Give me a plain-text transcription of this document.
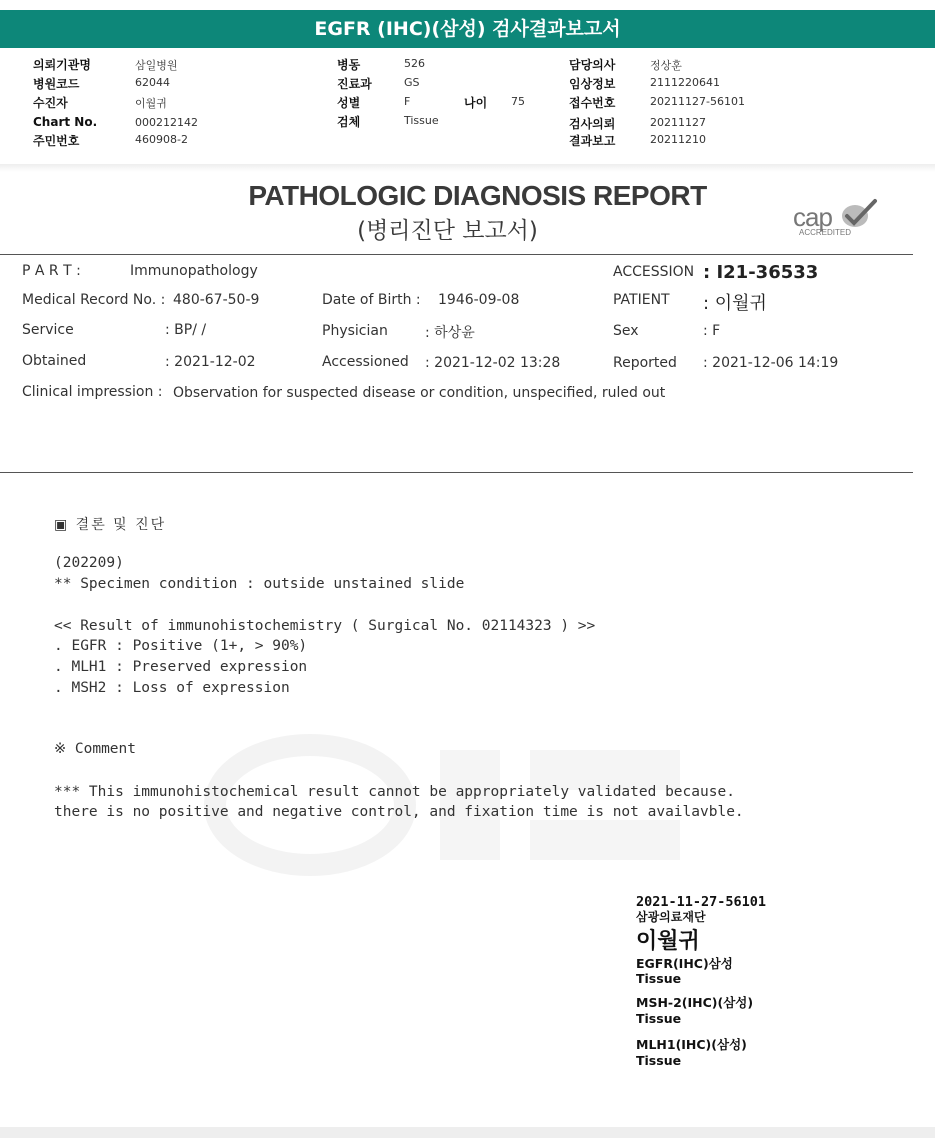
EGFR (IHC)(삼성) 검사결과보고서
의뢰기관명	삼일병원
병원코드	62044
수진자	이월귀
Chart No.	000212142
주민번호	460908-2
병동	526
진료과	GS
성별	F
검체	Tissue
나이 75
담당의사	정상훈
임상정보	2111220641
접수번호	20211127-56101
검사의뢰	20211127
결과보고	20211210
PATHOLOGIC DIAGNOSIS REPORT
(병리진단 보고서)	cap
ACCREDITED
P A R T :	Immunopathology	ACCESSION : I21-36533
Medical Record No. : 480-67-50-9	Date of Birth : 1946-09-08	PATIENT : 이월귀
Service	: BP/ /	Physician	: 하상윤	Sex	: F
Obtained	: 2021-12-02	Accessioned : 2021-12-02 13:28	Reported : 2021-12-06 14:19
Clinical impression : Observation for suspected disease or condition, unspecified, ruled out
▣ 결론 및 진단
(202209)
** Specimen condition : outside unstained slide
<< Result of immunohistochemistry ( Surgical No. 02114323 ) >>
. EGFR : Positive (1+, > 90%)
. MLH1 : Preserved expression
. MSH2 : Loss of expression
※ Comment
*** This immunohistochemical result cannot be appropriately validated because.
there is no positive and negative control, and fixation time is not availavble.
2021-11-27-56101
삼광의료재단
이월귀
EGFR(IHC)삼성
Tissue
MSH-2(IHC)(삼성)
Tissue
MLH1(IHC)(삼성)
Tissue
